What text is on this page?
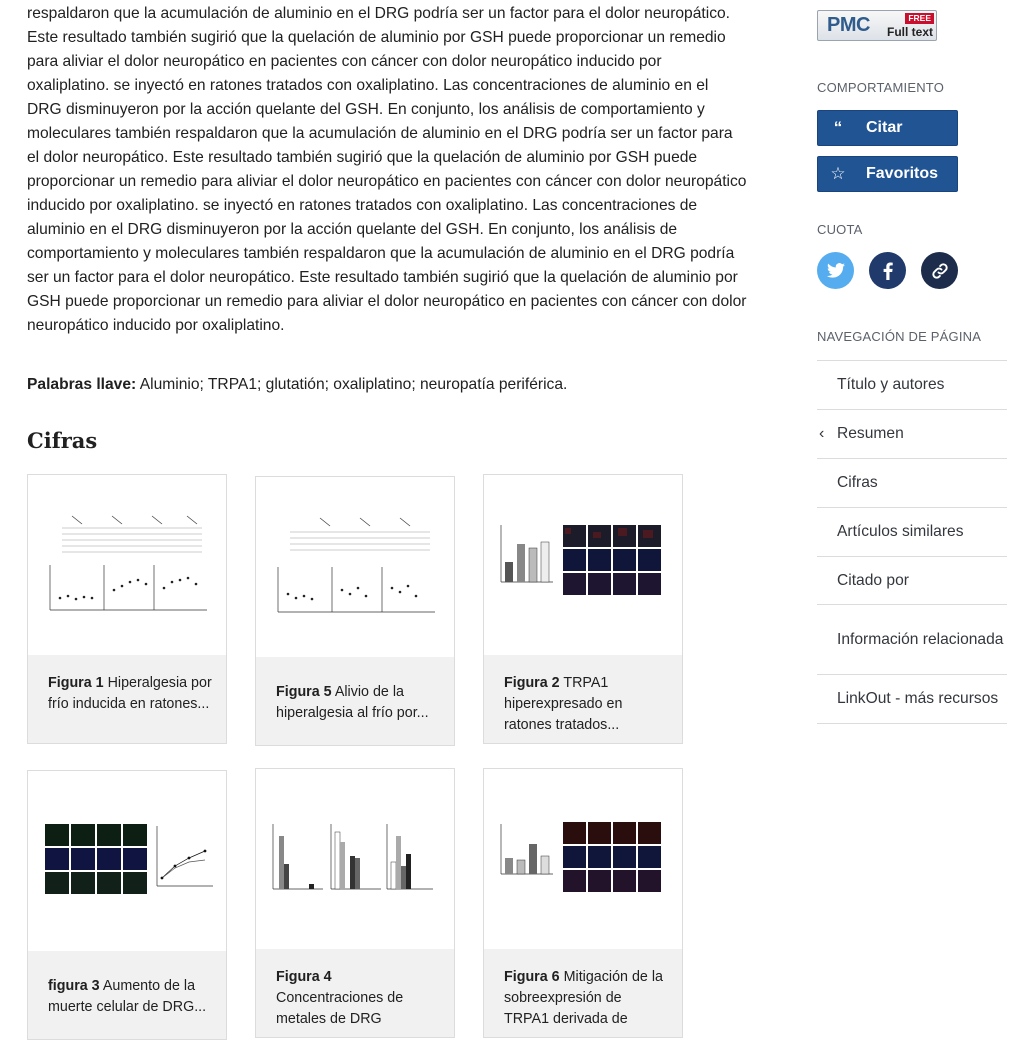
respaldaron que la acumulación de aluminio en el DRG podría ser un factor para el dolor neuropático. Este resultado también sugirió que la quelación de aluminio por GSH puede proporcionar un remedio para aliviar el dolor neuropático en pacientes con cáncer con dolor neuropático inducido por oxaliplatino. se inyectó en ratones tratados con oxaliplatino. Las concentraciones de aluminio en el DRG disminuyeron por la acción quelante del GSH. En conjunto, los análisis de comportamiento y moleculares también respaldaron que la acumulación de aluminio en el DRG podría ser un factor para el dolor neuropático. Este resultado también sugirió que la quelación de aluminio por GSH puede proporcionar un remedio para aliviar el dolor neuropático en pacientes con cáncer con dolor neuropático inducido por oxaliplatino. se inyectó en ratones tratados con oxaliplatino. Las concentraciones de aluminio en el DRG disminuyeron por la acción quelante del GSH. En conjunto, los análisis de comportamiento y moleculares también respaldaron que la acumulación de aluminio en el DRG podría ser un factor para el dolor neuropático. Este resultado también sugirió que la quelación de aluminio por GSH puede proporcionar un remedio para aliviar el dolor neuropático en pacientes con cáncer con dolor neuropático inducido por oxaliplatino.

Palabras llave: Aluminio; TRPA1; glutatión; oxaliplatino; neuropatía periférica.
Cifras
Figura 1 Hiperalgesia por frío inducida en ratones...
Figura 5 Alivio de la hiperalgesia al frío por...
Figura 2 TRPA1 hiperexpresado en ratones tratados...
figura 3 Aumento de la muerte celular de DRG...
Figura 4
Concentraciones de metales de DRG
Figura 6 Mitigación de la sobreexpresión de TRPA1 derivada de
PMC	FREE
Full text
COMPORTAMIENTO
“	Citar
☆	Favoritos
CUOTA
NAVEGACIÓN DE PÁGINA
Título y autores
‹ Resumen
Cifras
Artículos similares
Citado por
Información relacionada
LinkOut - más recursos
